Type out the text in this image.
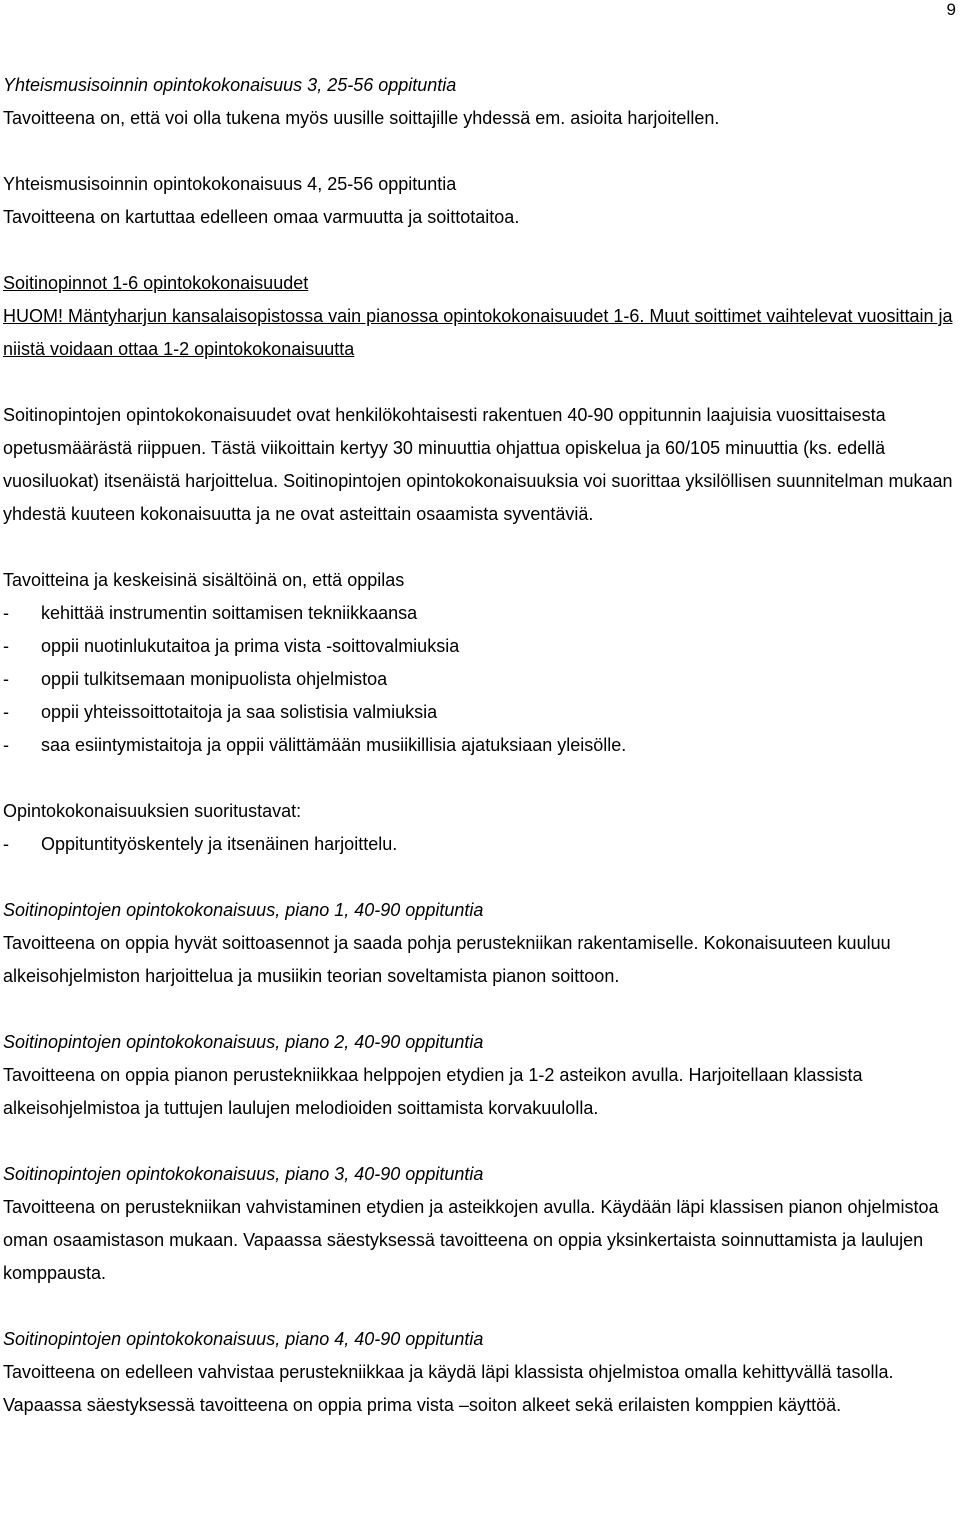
9
Yhteismusisoinnin opintokokonaisuus 3, 25-56 oppituntia
Tavoitteena on, että voi olla tukena myös uusille soittajille yhdessä em. asioita harjoitellen.
Yhteismusisoinnin opintokokonaisuus 4, 25-56 oppituntia
Tavoitteena on kartuttaa edelleen omaa varmuutta ja soittotaitoa.
Soitinopinnot 1-6 opintokokonaisuudet
HUOM! Mäntyharjun kansalaisopistossa vain pianossa opintokokonaisuudet 1-6. Muut soittimet vaihtelevat vuosittain ja niistä voidaan ottaa 1-2 opintokokonaisuutta
Soitinopintojen opintokokonaisuudet ovat henkilökohtaisesti rakentuen 40-90 oppitunnin laajuisia vuosittaisesta opetusmäärästä riippuen. Tästä viikoittain kertyy 30 minuuttia ohjattua opiskelua ja 60/105 minuuttia (ks. edellä vuosiluokat) itsenäistä harjoittelua. Soitinopintojen opintokokonaisuuksia voi suorittaa yksilöllisen suunnitelman mukaan yhdestä kuuteen kokonaisuutta ja ne ovat asteittain osaamista syventäviä.
Tavoitteina ja keskeisinä sisältöinä on, että oppilas
-	kehittää instrumentin soittamisen tekniikkaansa
-	oppii nuotinlukutaitoa ja prima vista -soittovalmiuksia
-	oppii tulkitsemaan monipuolista ohjelmistoa
-	oppii yhteissoittotaitoja ja saa solistisia valmiuksia
-	saa esiintymistaitoja ja oppii välittämään musiikillisia ajatuksiaan yleisölle.
Opintokokonaisuuksien suoritustavat:
-	Oppituntityöskentely ja itsenäinen harjoittelu.
Soitinopintojen opintokokonaisuus, piano 1, 40-90 oppituntia
Tavoitteena on oppia hyvät soittoasennot ja saada pohja perustekniikan rakentamiselle. Kokonaisuuteen kuuluu alkeisohjelmiston harjoittelua ja musiikin teorian soveltamista pianon soittoon.
Soitinopintojen opintokokonaisuus, piano 2, 40-90 oppituntia
Tavoitteena on oppia pianon perustekniikkaa helppojen etydien ja 1-2 asteikon avulla. Harjoitellaan klassista alkeisohjelmistoa ja tuttujen laulujen melodioiden soittamista korvakuulolla.
Soitinopintojen opintokokonaisuus, piano 3, 40-90 oppituntia
Tavoitteena on perustekniikan vahvistaminen etydien ja asteikkojen avulla. Käydään läpi klassisen pianon ohjelmistoa oman osaamistason mukaan. Vapaassa säestyksessä tavoitteena on oppia yksinkertaista soinnuttamista ja laulujen komppausta.
Soitinopintojen opintokokonaisuus, piano 4, 40-90 oppituntia
Tavoitteena on edelleen vahvistaa perustekniikkaa ja käydä läpi klassista ohjelmistoa omalla kehittyvällä tasolla. Vapaassa säestyksessä tavoitteena on oppia prima vista –soiton alkeet sekä erilaisten komppien käyttöä.
